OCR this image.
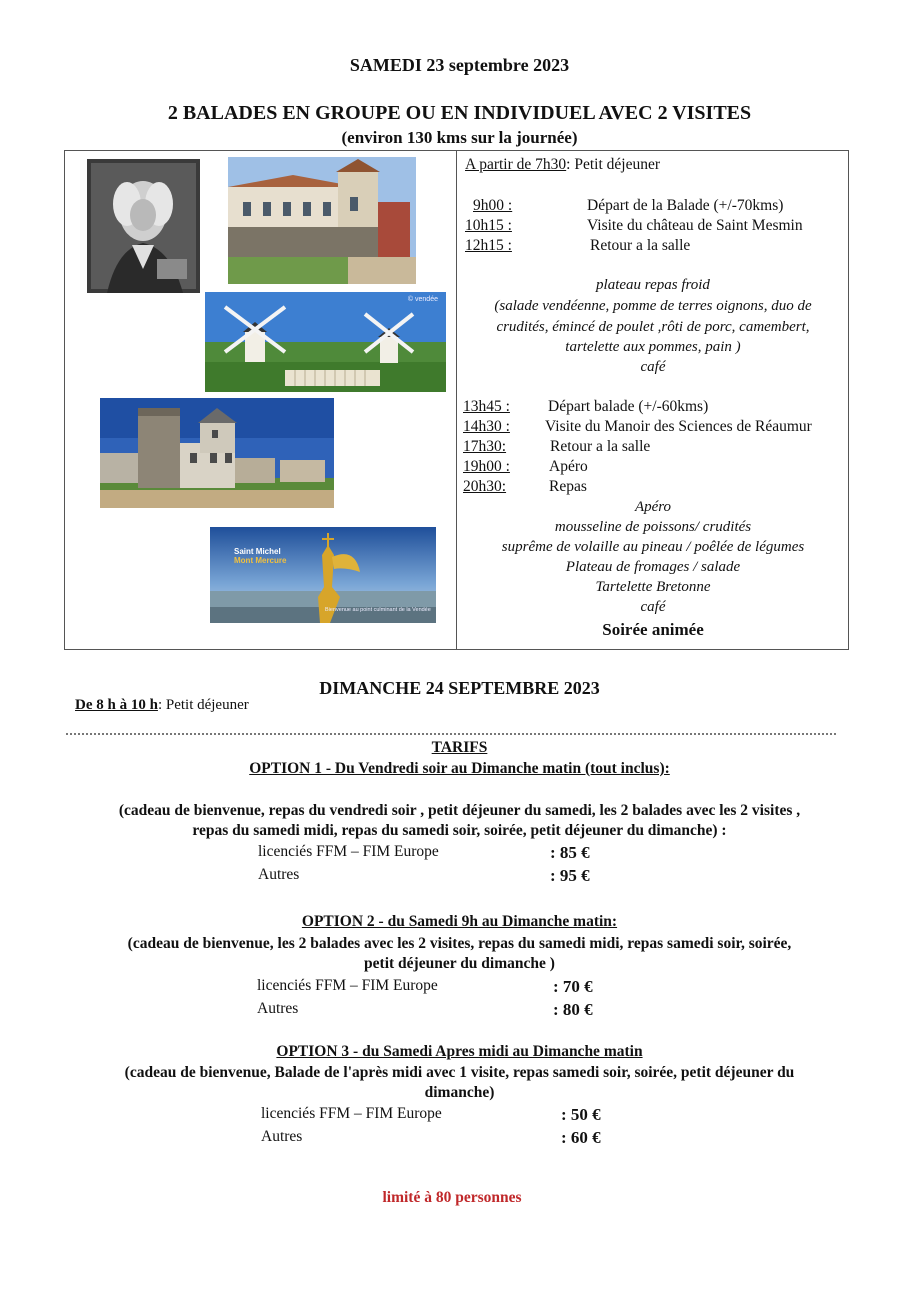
SAMEDI 23 septembre 2023
2 BALADES EN GROUPE OU EN INDIVIDUEL AVEC 2 VISITES
(environ 130 kms sur la journée)
© vendée
Saint Michel
Mont Mercure
Bienvenue au point culminant de la Vendée
A partir de 7h30: Petit déjeuner
9h00 :	Départ de la Balade (+/-70kms)
10h15 :	Visite du château de Saint Mesmin
12h15 :	Retour a la salle
plateau repas froid
(salade vendéenne, pomme de terres oignons, duo de
crudités, émincé de poulet ,rôti de porc, camembert,
tartelette aux pommes, pain )
café
13h45 : Départ balade (+/-60kms)
14h30 : Visite du Manoir des Sciences de Réaumur
17h30:	Retour a la salle
19h00 :	Apéro
20h30:	Repas
Apéro
mousseline de poissons/ crudités
suprême de volaille au pineau / poêlée de légumes
Plateau de fromages / salade
Tartelette Bretonne
café
Soirée animée
DIMANCHE 24 SEPTEMBRE 2023
De 8 h à 10 h: Petit déjeuner
TARIFS
OPTION 1 - Du Vendredi soir au Dimanche matin (tout inclus):
(cadeau de bienvenue, repas du vendredi soir , petit déjeuner du samedi, les 2 balades avec les 2 visites ,
repas du samedi midi, repas du samedi soir, soirée, petit déjeuner du dimanche) :
licenciés FFM – FIM Europe	: 85 €
Autres	: 95 €
OPTION 2 - du Samedi 9h au Dimanche matin:
(cadeau de bienvenue, les 2 balades avec les 2 visites, repas du samedi midi, repas samedi soir, soirée,
petit déjeuner du dimanche )
licenciés FFM – FIM Europe	: 70 €
Autres	: 80 €
OPTION 3 - du Samedi Apres midi au Dimanche matin
(cadeau de bienvenue, Balade de l'après midi avec 1 visite, repas samedi soir, soirée, petit déjeuner du
dimanche)
licenciés FFM – FIM Europe	: 50 €
Autres	: 60 €
limité à 80 personnes
